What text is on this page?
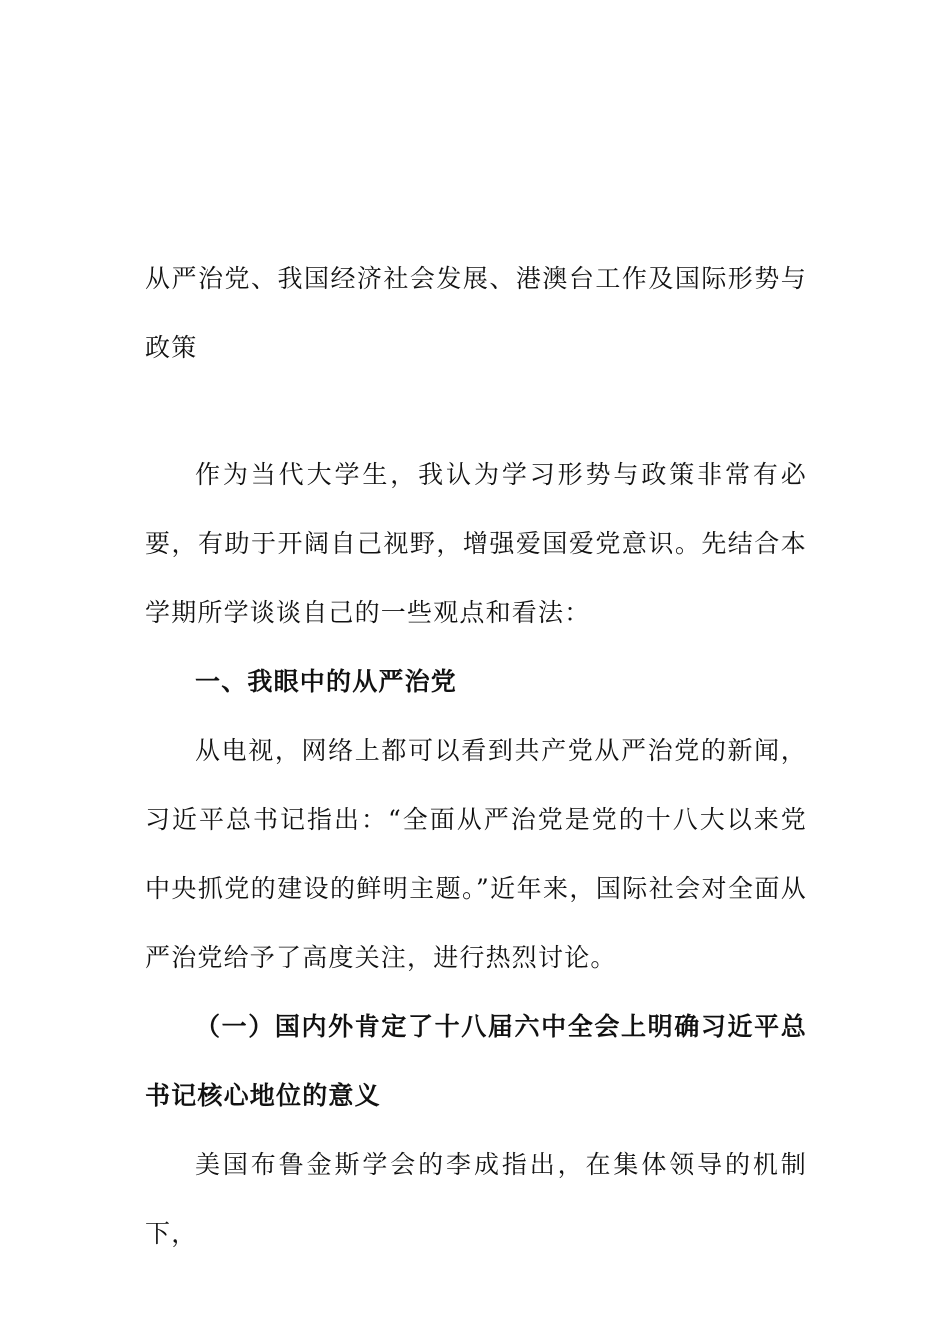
从严治党、我国经济社会发展、港澳台工作及国际形势与政策

作为当代大学生，我认为学习形势与政策非常有必要，有助于开阔自己视野，增强爱国爱党意识。先结合本学期所学谈谈自己的一些观点和看法：

一、我眼中的从严治党

从电视，网络上都可以看到共产党从严治党的新闻，习近平总书记指出：“全面从严治党是党的十八大以来党中央抓党的建设的鲜明主题。”近年来，国际社会对全面从严治党给予了高度关注，进行热烈讨论。

（一）国内外肯定了十八届六中全会上明确习近平总书记核心地位的意义

美国布鲁金斯学会的李成指出，在集体领导的机制下，
